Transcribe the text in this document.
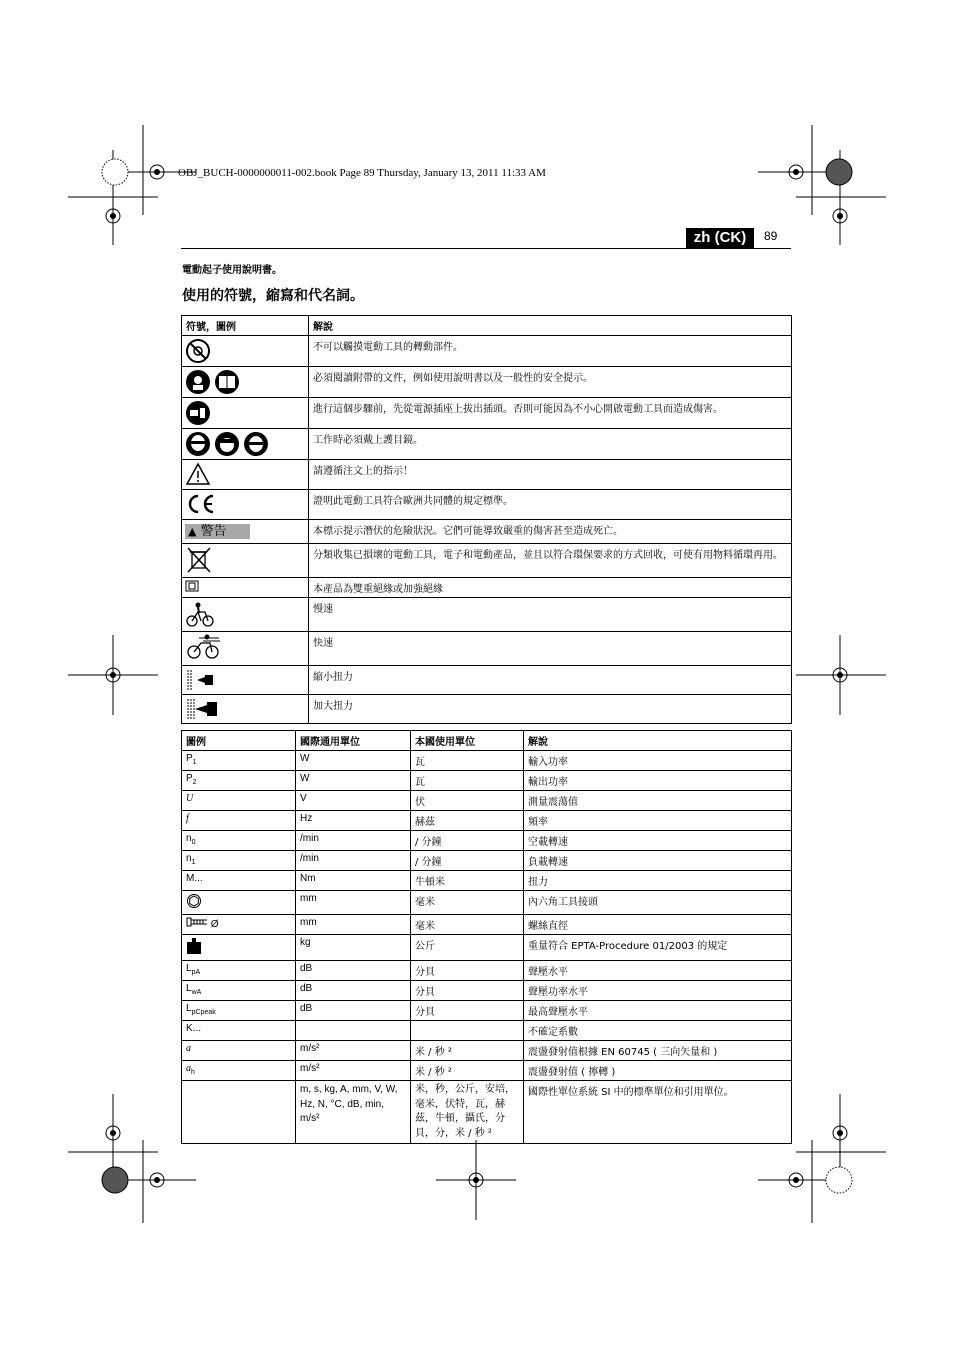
OBJ_BUCH-0000000011-002.book Page 89 Thursday, January 13, 2011 11:33 AM
zh (CK)	89
電動起子使用說明書。
使用的符號，縮寫和代名詞。
符號，圖例	解說
	不可以觸摸電動工具的轉動部件。
	必須閱讀附帶的文件，例如使用說明書以及一般性的安全提示。
	進行這個步驟前，先從電源插座上拔出插頭。否則可能因為不小心開啟電動工具而造成傷害。
	工作時必須戴上護目鏡。
	請遵循注文上的指示！
	證明此電動工具符合歐洲共同體的規定標準。
▲ 警告	本標示提示潛伏的危險狀況。它們可能導致嚴重的傷害甚至造成死亡。
	分類收集已損壞的電動工具，電子和電動產品，並且以符合環保要求的方式回收，可使有用物料循環再用。
	本產品為雙重絕緣或加強絕緣
	慢速
	快速
	縮小扭力
	加大扭力
圖例	國際通用單位	本國使用單位	解說
$P_1$	W	瓦	輸入功率
$P_2$	W	瓦	輸出功率
U	V	伏	測量震蕩值
f	Hz	赫茲	頻率
$n_0$	/min	/ 分鐘	空載轉速
$n_1$	/min	/ 分鐘	負載轉速
M...	Nm	牛頓米	扭力
	mm	毫米	內六角工具接頭
Ø	mm	毫米	螺絲直徑
	kg	公斤	重量符合 EPTA-Procedure 01/2003 的規定
$L_{pA}$	dB	分貝	聲壓水平
$L_{wA}$	dB	分貝	聲壓功率水平
$L_{pCpeak}$	dB	分貝	最高聲壓水平
K...			不確定系數
a	m/s²	米 / 秒 ²	震盪發射值根據 EN 60745 ( 三向矢量和 )
$a_h$	m/s²	米 / 秒 ²	震盪發射值 ( 擰轉 )
	m, s, kg, A, mm, V, W, Hz, N, °C, dB, min, m/s²	米，秒，公斤，安培，毫米，伏特，瓦，赫茲，牛頓，攝氏，分貝，分，米 / 秒 ²	國際性單位系統 SI 中的標準單位和引用單位。
